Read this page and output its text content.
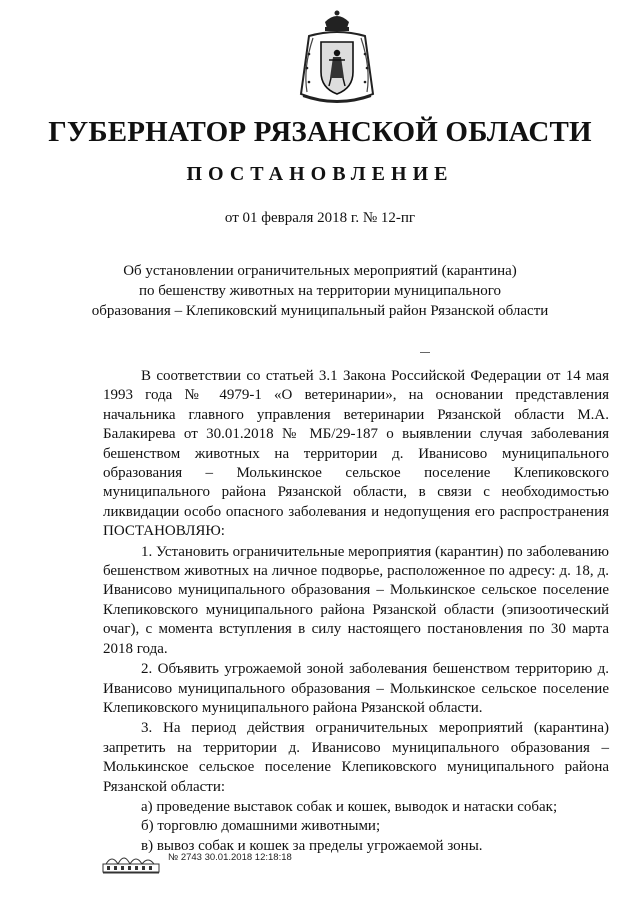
ГУБЕРНАТОР РЯЗАНСКОЙ ОБЛАСТИ
ПОСТАНОВЛЕНИЕ
от 01 февраля 2018 г. № 12-пг
Об установлении ограничительных мероприятий (карантина)
по бешенству животных на территории муниципального
образования – Клепиковский муниципальный район Рязанской области

В соответствии со статьей 3.1 Закона Российской Федерации от 14 мая 1993 года № 4979-1 «О ветеринарии», на основании представления начальника главного управления ветеринарии Рязанской области М.А. Балакирева от 30.01.2018 № МБ/29-187 о выявлении случая заболевания бешенством животных на территории д. Иванисово муниципального образования – Молькинское сельское поселение Клепиковского муниципального района Рязанской области, в связи с необходимостью ликвидации особо опасного заболевания и недопущения его распространения ПОСТАНОВЛЯЮ:

1. Установить ограничительные мероприятия (карантин) по заболеванию бешенством животных на личное подворье, расположенное по адресу: д. 18, д. Иванисово муниципального образования – Молькинское сельское поселение Клепиковского муниципального района Рязанской области (эпизоотический очаг), с момента вступления в силу настоящего постановления по 30 марта 2018 года.

2. Объявить угрожаемой зоной заболевания бешенством территорию д. Иванисово муниципального образования – Молькинское сельское поселение Клепиковского муниципального района Рязанской области.

3. На период действия ограничительных мероприятий (карантина) запретить на территории д. Иванисово муниципального образования – Молькинское сельское поселение Клепиковского муниципального района Рязанской области:

а) проведение выставок собак и кошек, выводок и натаски собак;

б) торговлю домашними животными;

в) вывоз собак и кошек за пределы угрожаемой зоны.

№ 2743 30.01.2018 12:18:18
